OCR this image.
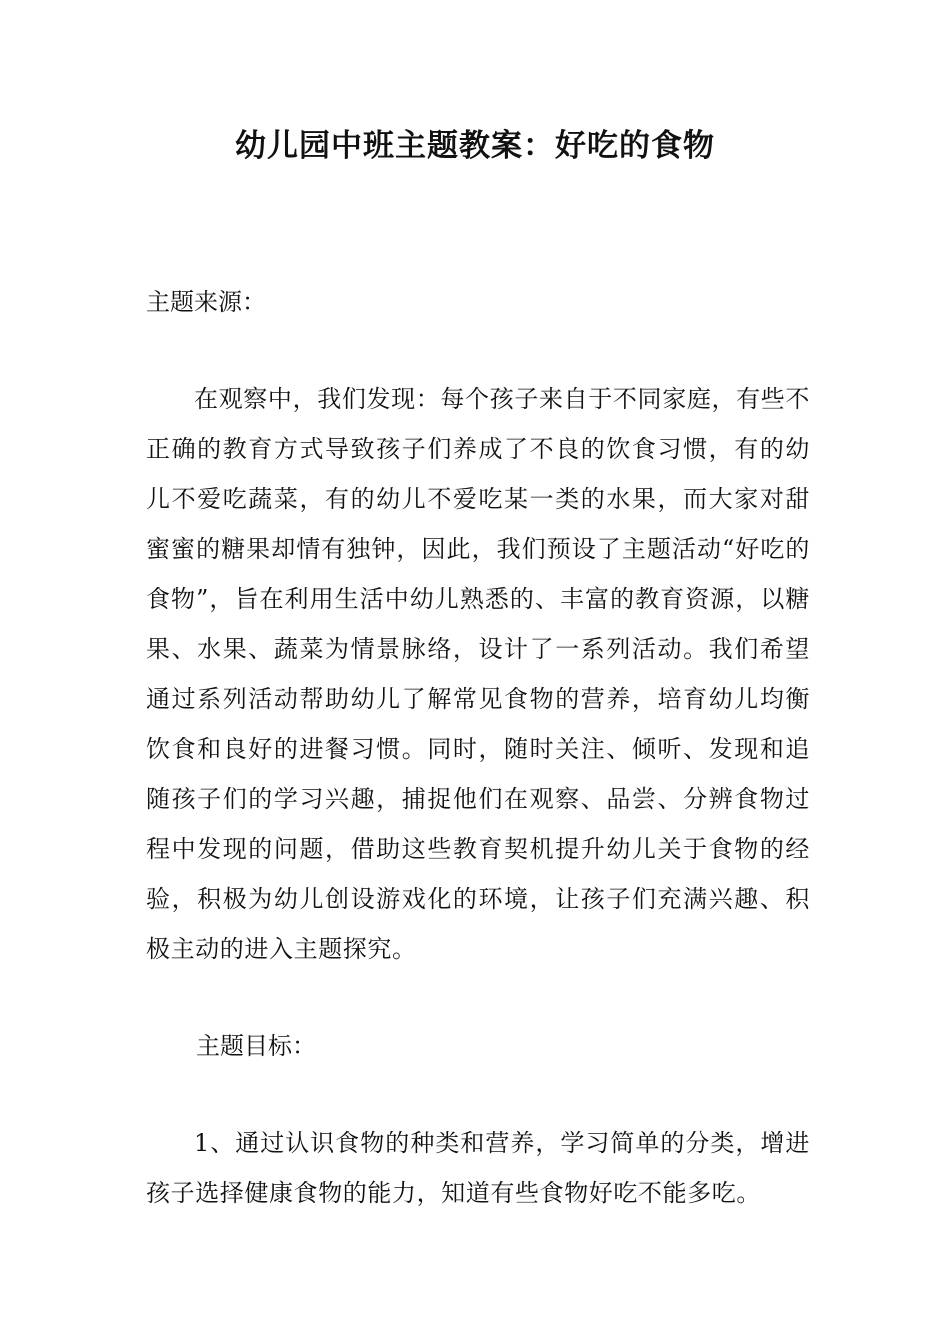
幼儿园中班主题教案：好吃的食物

主题来源：

在观察中，我们发现：每个孩子来自于不同家庭，有些不正确的教育方式导致孩子们养成了不良的饮食习惯，有的幼儿不爱吃蔬菜，有的幼儿不爱吃某一类的水果，而大家对甜蜜蜜的糖果却情有独钟，因此，我们预设了主题活动“好吃的食物”，旨在利用生活中幼儿熟悉的、丰富的教育资源，以糖果、水果、蔬菜为情景脉络，设计了一系列活动。我们希望通过系列活动帮助幼儿了解常见食物的营养，培育幼儿均衡饮食和良好的进餐习惯。同时，随时关注、倾听、发现和追随孩子们的学习兴趣，捕捉他们在观察、品尝、分辨食物过程中发现的问题，借助这些教育契机提升幼儿关于食物的经验，积极为幼儿创设游戏化的环境，让孩子们充满兴趣、积极主动的进入主题探究。

主题目标：

1、通过认识食物的种类和营养，学习简单的分类，增进孩子选择健康食物的能力，知道有些食物好吃不能多吃。
